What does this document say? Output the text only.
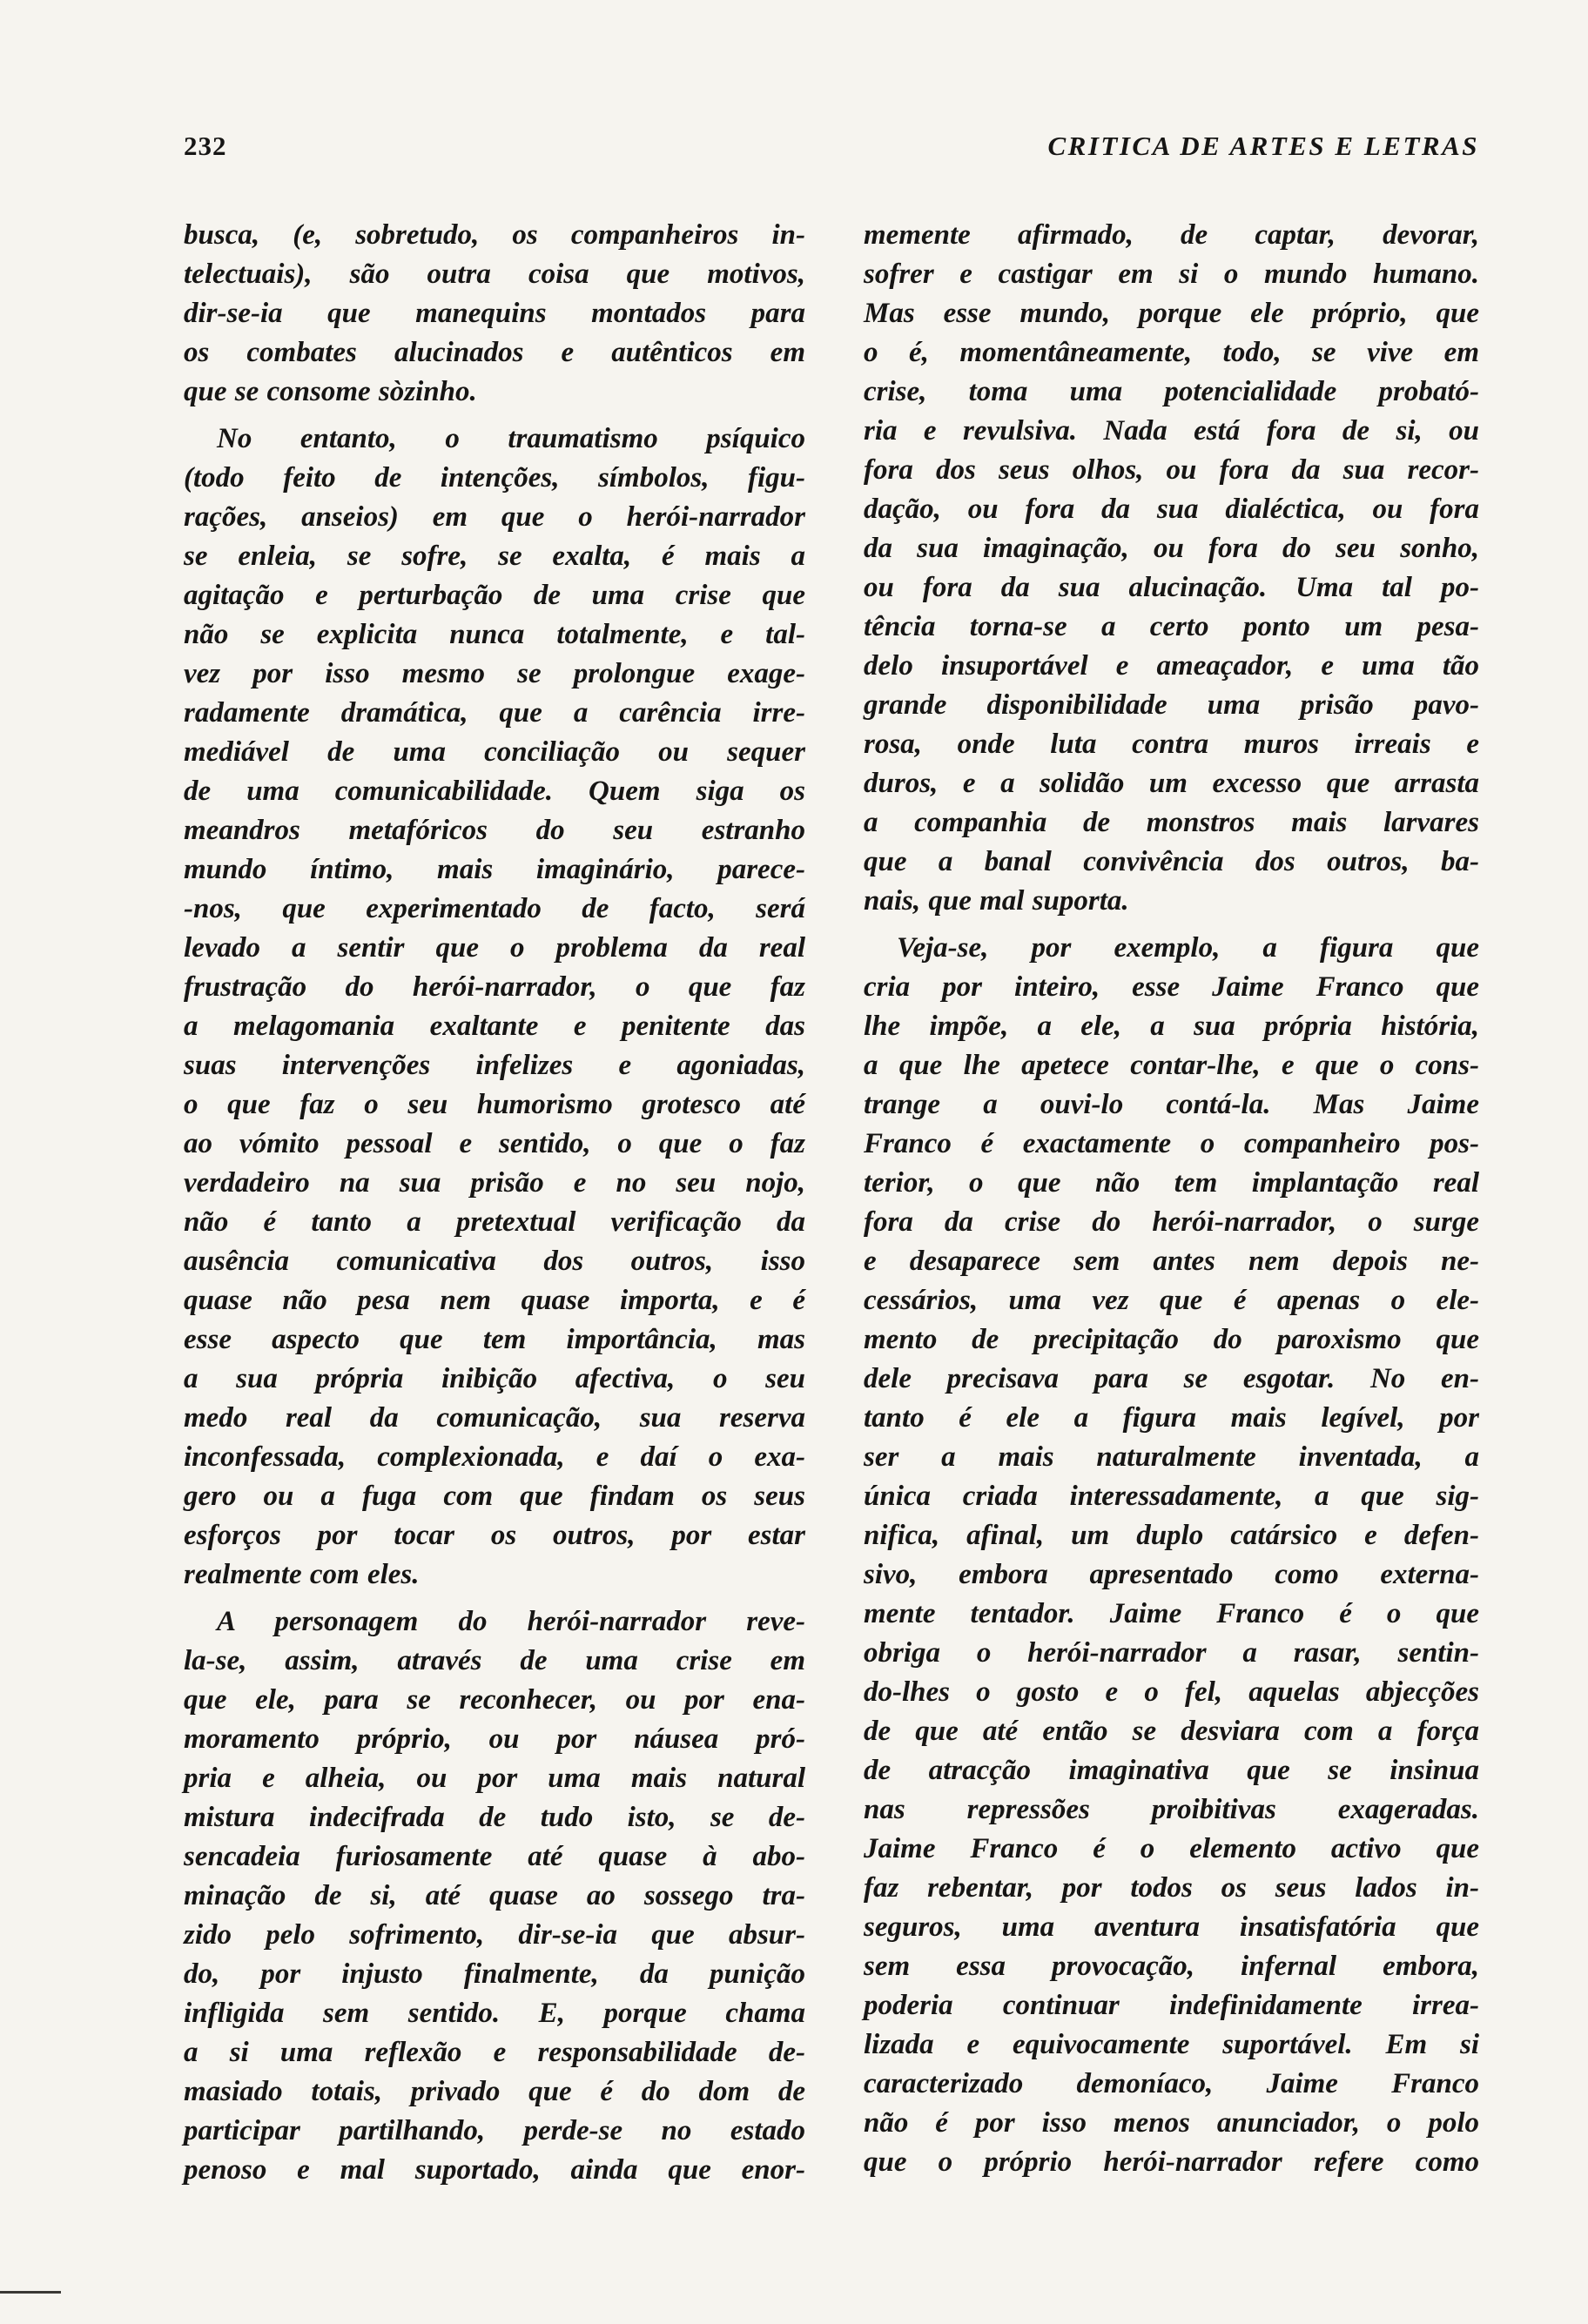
232	CRITICA DE ARTES E LETRAS
busca, (e, sobretudo, os companheiros in-
telectuais), são outra coisa que motivos,
dir-se-ia que manequins montados para
os combates alucinados e autênticos em
que se consome sòzinho.
No entanto, o traumatismo psíquico
(todo feito de intenções, símbolos, figu-
rações, anseios) em que o herói-narrador
se enleia, se sofre, se exalta, é mais a
agitação e perturbação de uma crise que
não se explicita nunca totalmente, e tal-
vez por isso mesmo se prolongue exage-
radamente dramática, que a carência irre-
mediável de uma conciliação ou sequer
de uma comunicabilidade. Quem siga os
meandros metafóricos do seu estranho
mundo íntimo, mais imaginário, parece-
-nos, que experimentado de facto, será
levado a sentir que o problema da real
frustração do herói-narrador, o que faz
a melagomania exaltante e penitente das
suas intervenções infelizes e agoniadas,
o que faz o seu humorismo grotesco até
ao vómito pessoal e sentido, o que o faz
verdadeiro na sua prisão e no seu nojo,
não é tanto a pretextual verificação da
ausência comunicativa dos outros, isso
quase não pesa nem quase importa, e é
esse aspecto que tem importância, mas
a sua própria inibição afectiva, o seu
medo real da comunicação, sua reserva
inconfessada, complexionada, e daí o exa-
gero ou a fuga com que findam os seus
esforços por tocar os outros, por estar
realmente com eles.
A personagem do herói-narrador reve-
la-se, assim, através de uma crise em
que ele, para se reconhecer, ou por ena-
moramento próprio, ou por náusea pró-
pria e alheia, ou por uma mais natural
mistura indecifrada de tudo isto, se de-
sencadeia furiosamente até quase à abo-
minação de si, até quase ao sossego tra-
zido pelo sofrimento, dir-se-ia que absur-
do, por injusto finalmente, da punição
infligida sem sentido. E, porque chama
a si uma reflexão e responsabilidade de-
masiado totais, privado que é do dom de
participar partilhando, perde-se no estado
penoso e mal suportado, ainda que enor-
memente afirmado, de captar, devorar,
sofrer e castigar em si o mundo humano.
Mas esse mundo, porque ele próprio, que
o é, momentâneamente, todo, se vive em
crise, toma uma potencialidade probató-
ria e revulsiva. Nada está fora de si, ou
fora dos seus olhos, ou fora da sua recor-
dação, ou fora da sua dialéctica, ou fora
da sua imaginação, ou fora do seu sonho,
ou fora da sua alucinação. Uma tal po-
tência torna-se a certo ponto um pesa-
delo insuportável e ameaçador, e uma tão
grande disponibilidade uma prisão pavo-
rosa, onde luta contra muros irreais e
duros, e a solidão um excesso que arrasta
a companhia de monstros mais larvares
que a banal convivência dos outros, ba-
nais, que mal suporta.
Veja-se, por exemplo, a figura que
cria por inteiro, esse Jaime Franco que
lhe impõe, a ele, a sua própria história,
a que lhe apetece contar-lhe, e que o cons-
trange a ouvi-lo contá-la. Mas Jaime
Franco é exactamente o companheiro pos-
terior, o que não tem implantação real
fora da crise do herói-narrador, o surge
e desaparece sem antes nem depois ne-
cessários, uma vez que é apenas o ele-
mento de precipitação do paroxismo que
dele precisava para se esgotar. No en-
tanto é ele a figura mais legível, por
ser a mais naturalmente inventada, a
única criada interessadamente, a que sig-
nifica, afinal, um duplo catársico e defen-
sivo, embora apresentado como externa-
mente tentador. Jaime Franco é o que
obriga o herói-narrador a rasar, sentin-
do-lhes o gosto e o fel, aquelas abjecções
de que até então se desviara com a força
de atracção imaginativa que se insinua
nas repressões proibitivas exageradas.
Jaime Franco é o elemento activo que
faz rebentar, por todos os seus lados in-
seguros, uma aventura insatisfatória que
sem essa provocação, infernal embora,
poderia continuar indefinidamente irrea-
lizada e equivocamente suportável. Em si
caracterizado demoníaco, Jaime Franco
não é por isso menos anunciador, o polo
que o próprio herói-narrador refere como
